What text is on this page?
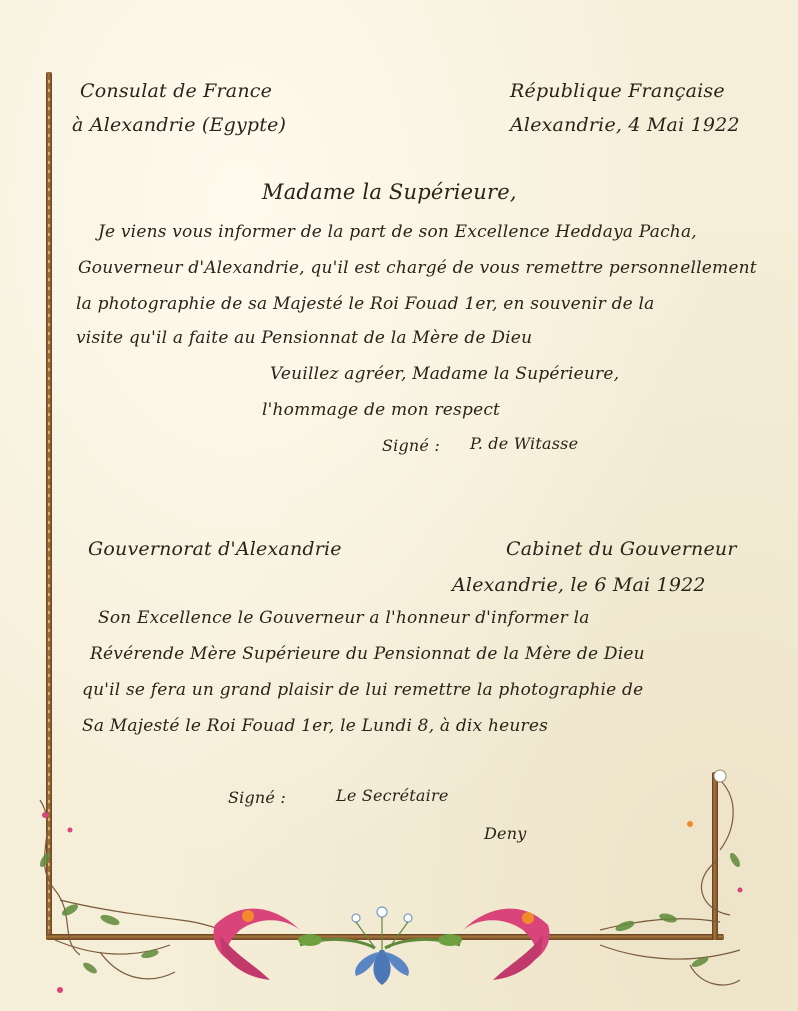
Consulat de France
à Alexandrie (Egypte)
République Française
Alexandrie, 4 Mai 1922
Madame la Supérieure,
Je viens vous informer de la part de son Excellence Heddaya Pacha,
Gouverneur d'Alexandrie, qu'il est chargé de vous remettre personnellement
la photographie de sa Majesté le Roi Fouad 1er, en souvenir de la
visite qu'il a faite au Pensionnat de la Mère de Dieu
Veuillez agréer, Madame la Supérieure,
l'hommage de mon respect
Signé : P. de Witasse
Gouvernorat d'Alexandrie	Cabinet du Gouverneur
Alexandrie, le 6 Mai 1922
Son Excellence le Gouverneur a l'honneur d'informer la
Révérende Mère Supérieure du Pensionnat de la Mère de Dieu
qu'il se fera un grand plaisir de lui remettre la photographie de
Sa Majesté le Roi Fouad 1er, le Lundi 8, à dix heures
Signé :	Le Secrétaire
Deny
